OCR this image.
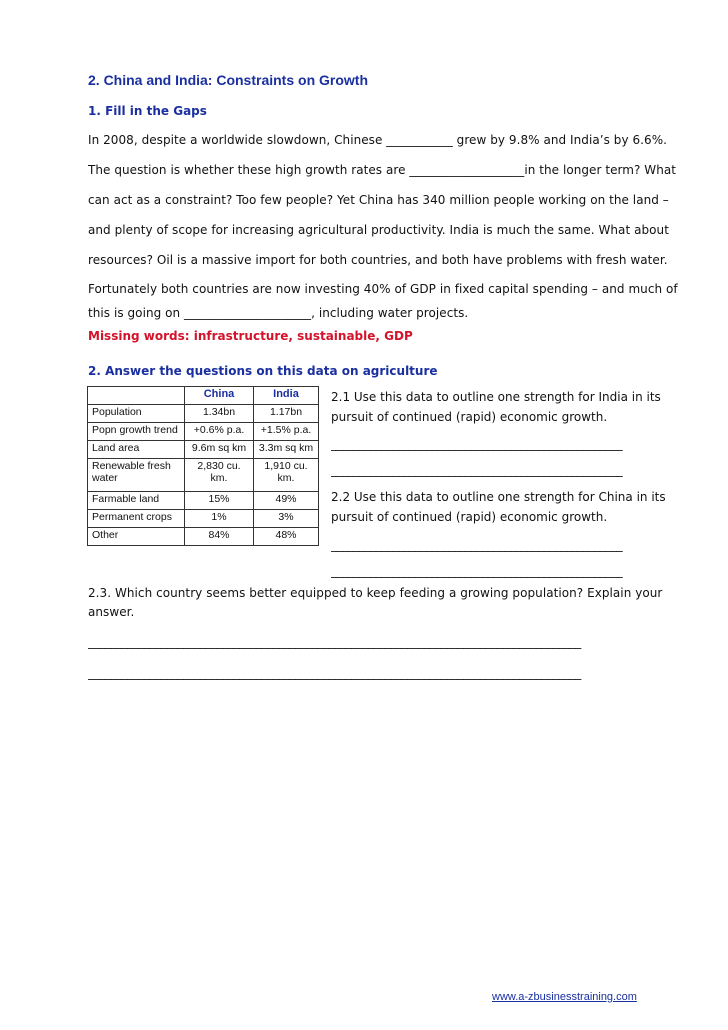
2. China and India: Constraints on Growth
1. Fill in the Gaps
In 2008, despite a worldwide slowdown, Chinese ___________ grew by 9.8% and India’s by 6.6%.
The question is whether these high growth rates are ___________________in the longer term? What
can act as a constraint? Too few people? Yet China has 340 million people working on the land –
and plenty of scope for increasing agricultural productivity. India is much the same. What about
resources? Oil is a massive import for both countries, and both have problems with fresh water.
Fortunately both countries are now investing 40% of GDP in fixed capital spending – and much of
this is going on _____________________, including water projects.
Missing words: infrastructure, sustainable, GDP
2. Answer the questions on this data on agriculture
	China	India
Population	1.34bn	1.17bn
Popn growth trend	+0.6% p.a.	+1.5% p.a.
Land area	9.6m sq km	3.3m sq km
Renewable fresh water	2,830 cu. km.	1,910 cu. km.
Farmable land	15%	49%
Permanent crops	1%	3%
Other	84%	48%
2.1 Use this data to outline one strength for India in its
pursuit of continued (rapid) economic growth.
____________________________________________________
____________________________________________________
2.2 Use this data to outline one strength for China in its
pursuit of continued (rapid) economic growth.
____________________________________________________
____________________________________________________
2.3. Which country seems better equipped to keep feeding a growing population? Explain your
answer.
________________________________________________________________________________________
________________________________________________________________________________________
www.a-zbusinesstraining.com
